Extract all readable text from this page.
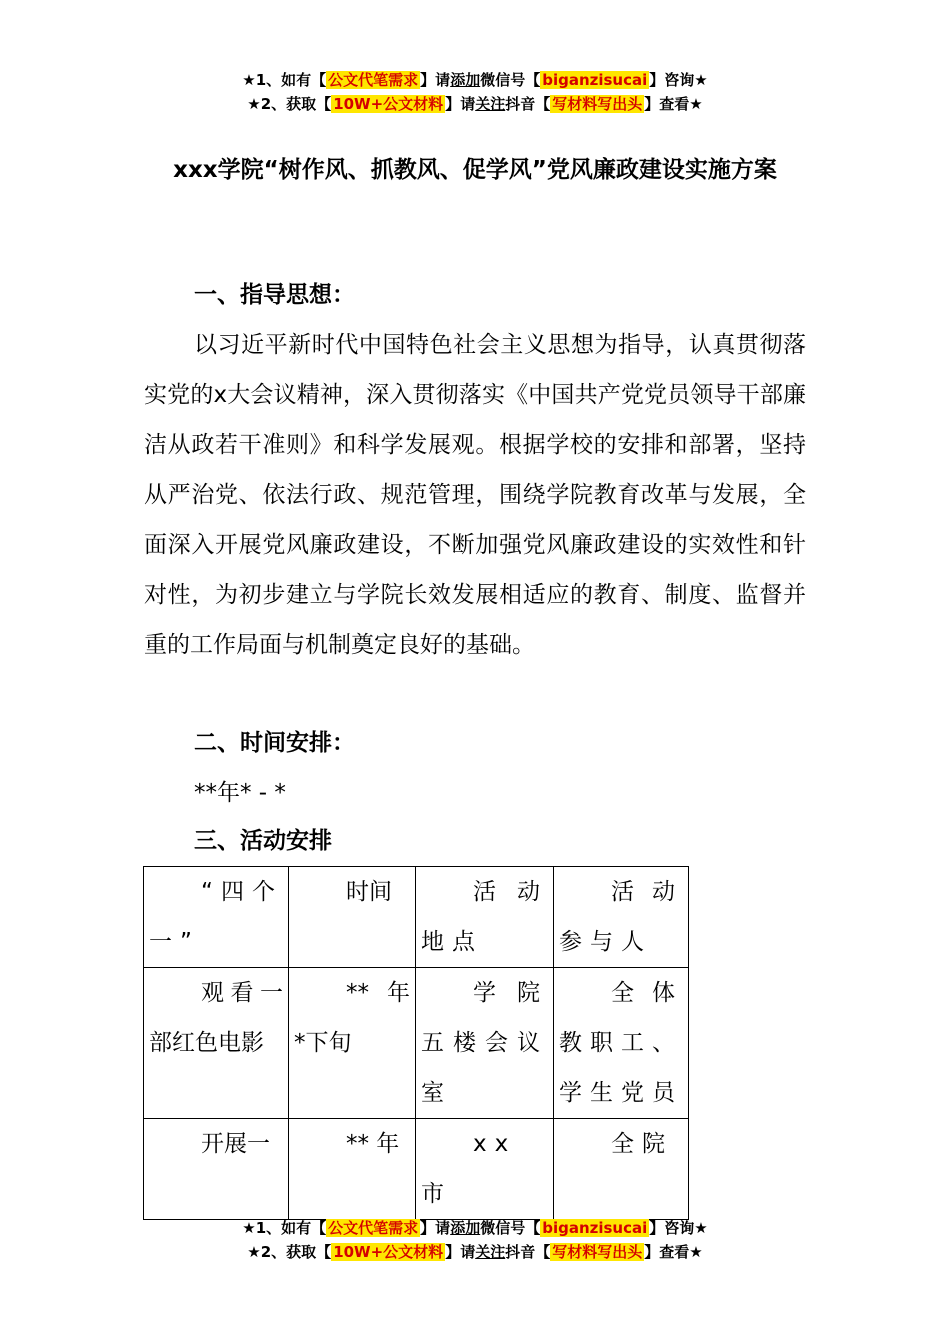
★1、如有【 公文代笔需求 】请添加微信号【 biganzisucai 】咨询★
★2、获取【 10W+公文材料 】请关注抖音【 写材料写出头 】查看★
xxx学院“树作风、抓教风、促学风”党风廉政建设实施方案
一、指导思想：
以习近平新时代中国特色社会主义思想为指导，认真贯彻落实党的x大会议精神，深入贯彻落实《中国共产党党员领导干部廉洁从政若干准则》和科学发展观。根据学校的安排和部署，坚持从严治党、依法行政、规范管理，围绕学院教育改革与发展，全面深入开展党风廉政建设，不断加强党风廉政建设的实效性和针对性，为初步建立与学院长效发展相适应的教育、制度、监督并重的工作局面与机制奠定良好的基础。
二、时间安排：
**年* - *
三、活动安排
“四个一”	时间	活动地点	活动参与人

观看一部红色电影	** 年 *下旬	学院五楼会议室	全体教职工、学生党员

开展一	** 年	xx 市	全院
★1、如有【 公文代笔需求 】请添加微信号【 biganzisucai 】咨询★
★2、获取【 10W+公文材料 】请关注抖音【 写材料写出头 】查看★
